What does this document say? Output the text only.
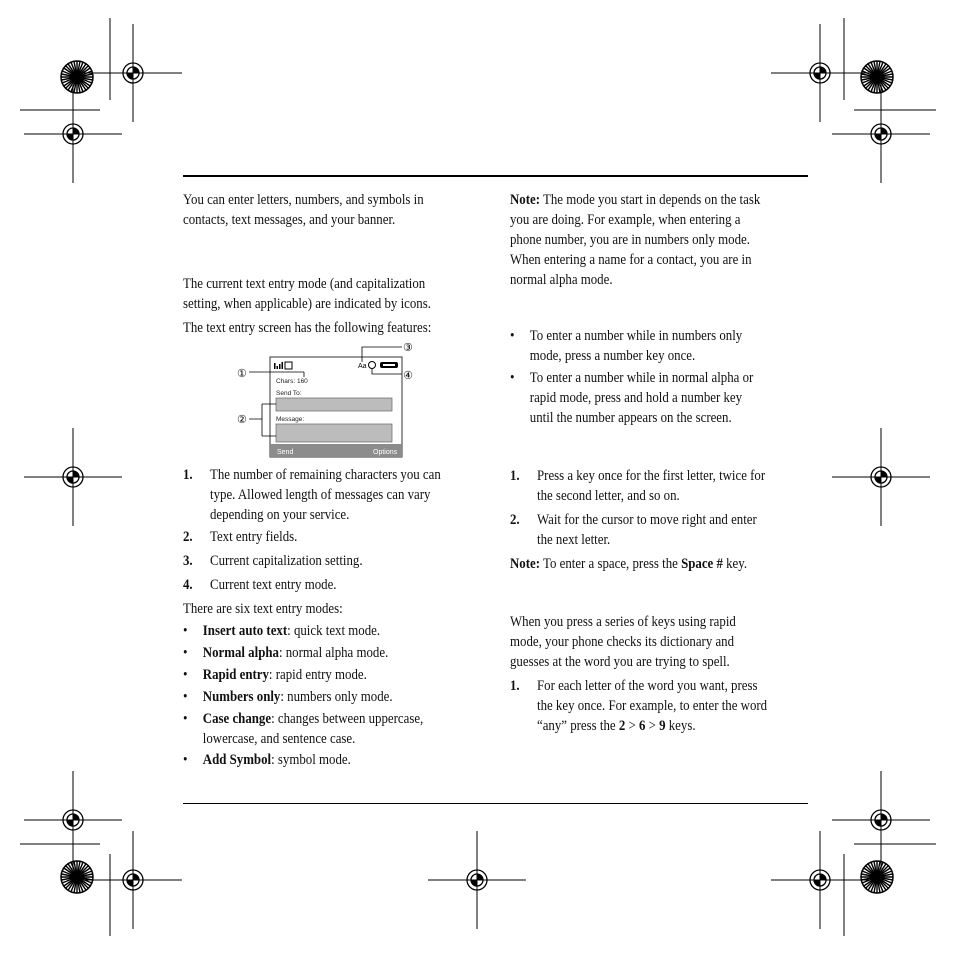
You can enter letters, numbers, and symbols in
contacts, text messages, and your banner.
The current text entry mode (and capitalization
setting, when applicable) are indicated by icons.
The text entry screen has the following features:
Aa
Chars: 160
Send To:
Message:
Send	Options
①
②
③
④
1. The number of remaining characters you can
type. Allowed length of messages can vary
depending on your service.
2. Text entry fields.
3. Current capitalization setting.
4. Current text entry mode.
There are six text entry modes:
• Insert auto text: quick text mode.
• Normal alpha: normal alpha mode.
• Rapid entry: rapid entry mode.
• Numbers only: numbers only mode.
• Case change: changes between uppercase,
lowercase, and sentence case.
• Add Symbol: symbol mode.
Note: The mode you start in depends on the task
you are doing. For example, when entering a
phone number, you are in numbers only mode.
When entering a name for a contact, you are in
normal alpha mode.
• To enter a number while in numbers only
mode, press a number key once.
• To enter a number while in normal alpha or
rapid mode, press and hold a number key
until the number appears on the screen.
1. Press a key once for the first letter, twice for
the second letter, and so on.
2. Wait for the cursor to move right and enter
the next letter.
Note: To enter a space, press the Space # key.
When you press a series of keys using rapid
mode, your phone checks its dictionary and
guesses at the word you are trying to spell.
1. For each letter of the word you want, press
the key once. For example, to enter the word
“any” press the 2 > 6 > 9 keys.
